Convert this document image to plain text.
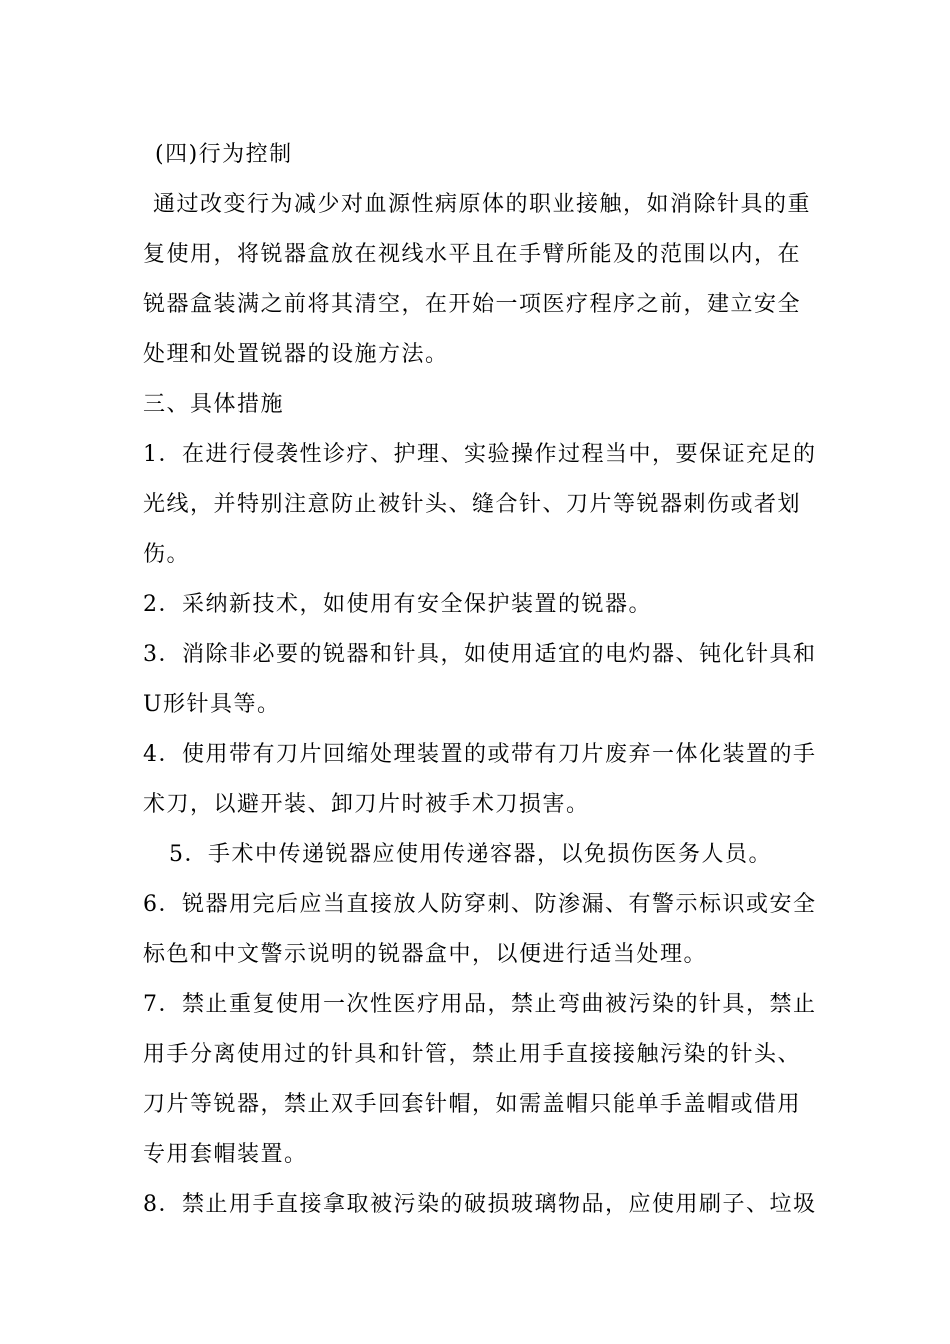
(四)行为控制

通过改变行为减少对血源性病原体的职业接触，如消除针具的重
复使用，将锐器盒放在视线水平且在手臂所能及的范围以内，在
锐器盒装满之前将其清空，在开始一项医疗程序之前，建立安全
处理和处置锐器的设施方法。

三、具体措施

1．在进行侵袭性诊疗、护理、实验操作过程当中，要保证充足的
光线，并特别注意防止被针头、缝合针、刀片等锐器刺伤或者划
伤。

2．采纳新技术，如使用有安全保护装置的锐器。

3．消除非必要的锐器和针具，如使用适宜的电灼器、钝化针具和
U形针具等。

4．使用带有刀片回缩处理装置的或带有刀片废弃一体化装置的手
术刀，以避开装、卸刀片时被手术刀损害。

5．手术中传递锐器应使用传递容器，以免损伤医务人员。

6．锐器用完后应当直接放人防穿刺、防渗漏、有警示标识或安全
标色和中文警示说明的锐器盒中，以便进行适当处理。

7．禁止重复使用一次性医疗用品，禁止弯曲被污染的针具，禁止
用手分离使用过的针具和针管，禁止用手直接接触污染的针头、
刀片等锐器，禁止双手回套针帽，如需盖帽只能单手盖帽或借用
专用套帽装置。

8．禁止用手直接拿取被污染的破损玻璃物品，应使用刷子、垃圾
